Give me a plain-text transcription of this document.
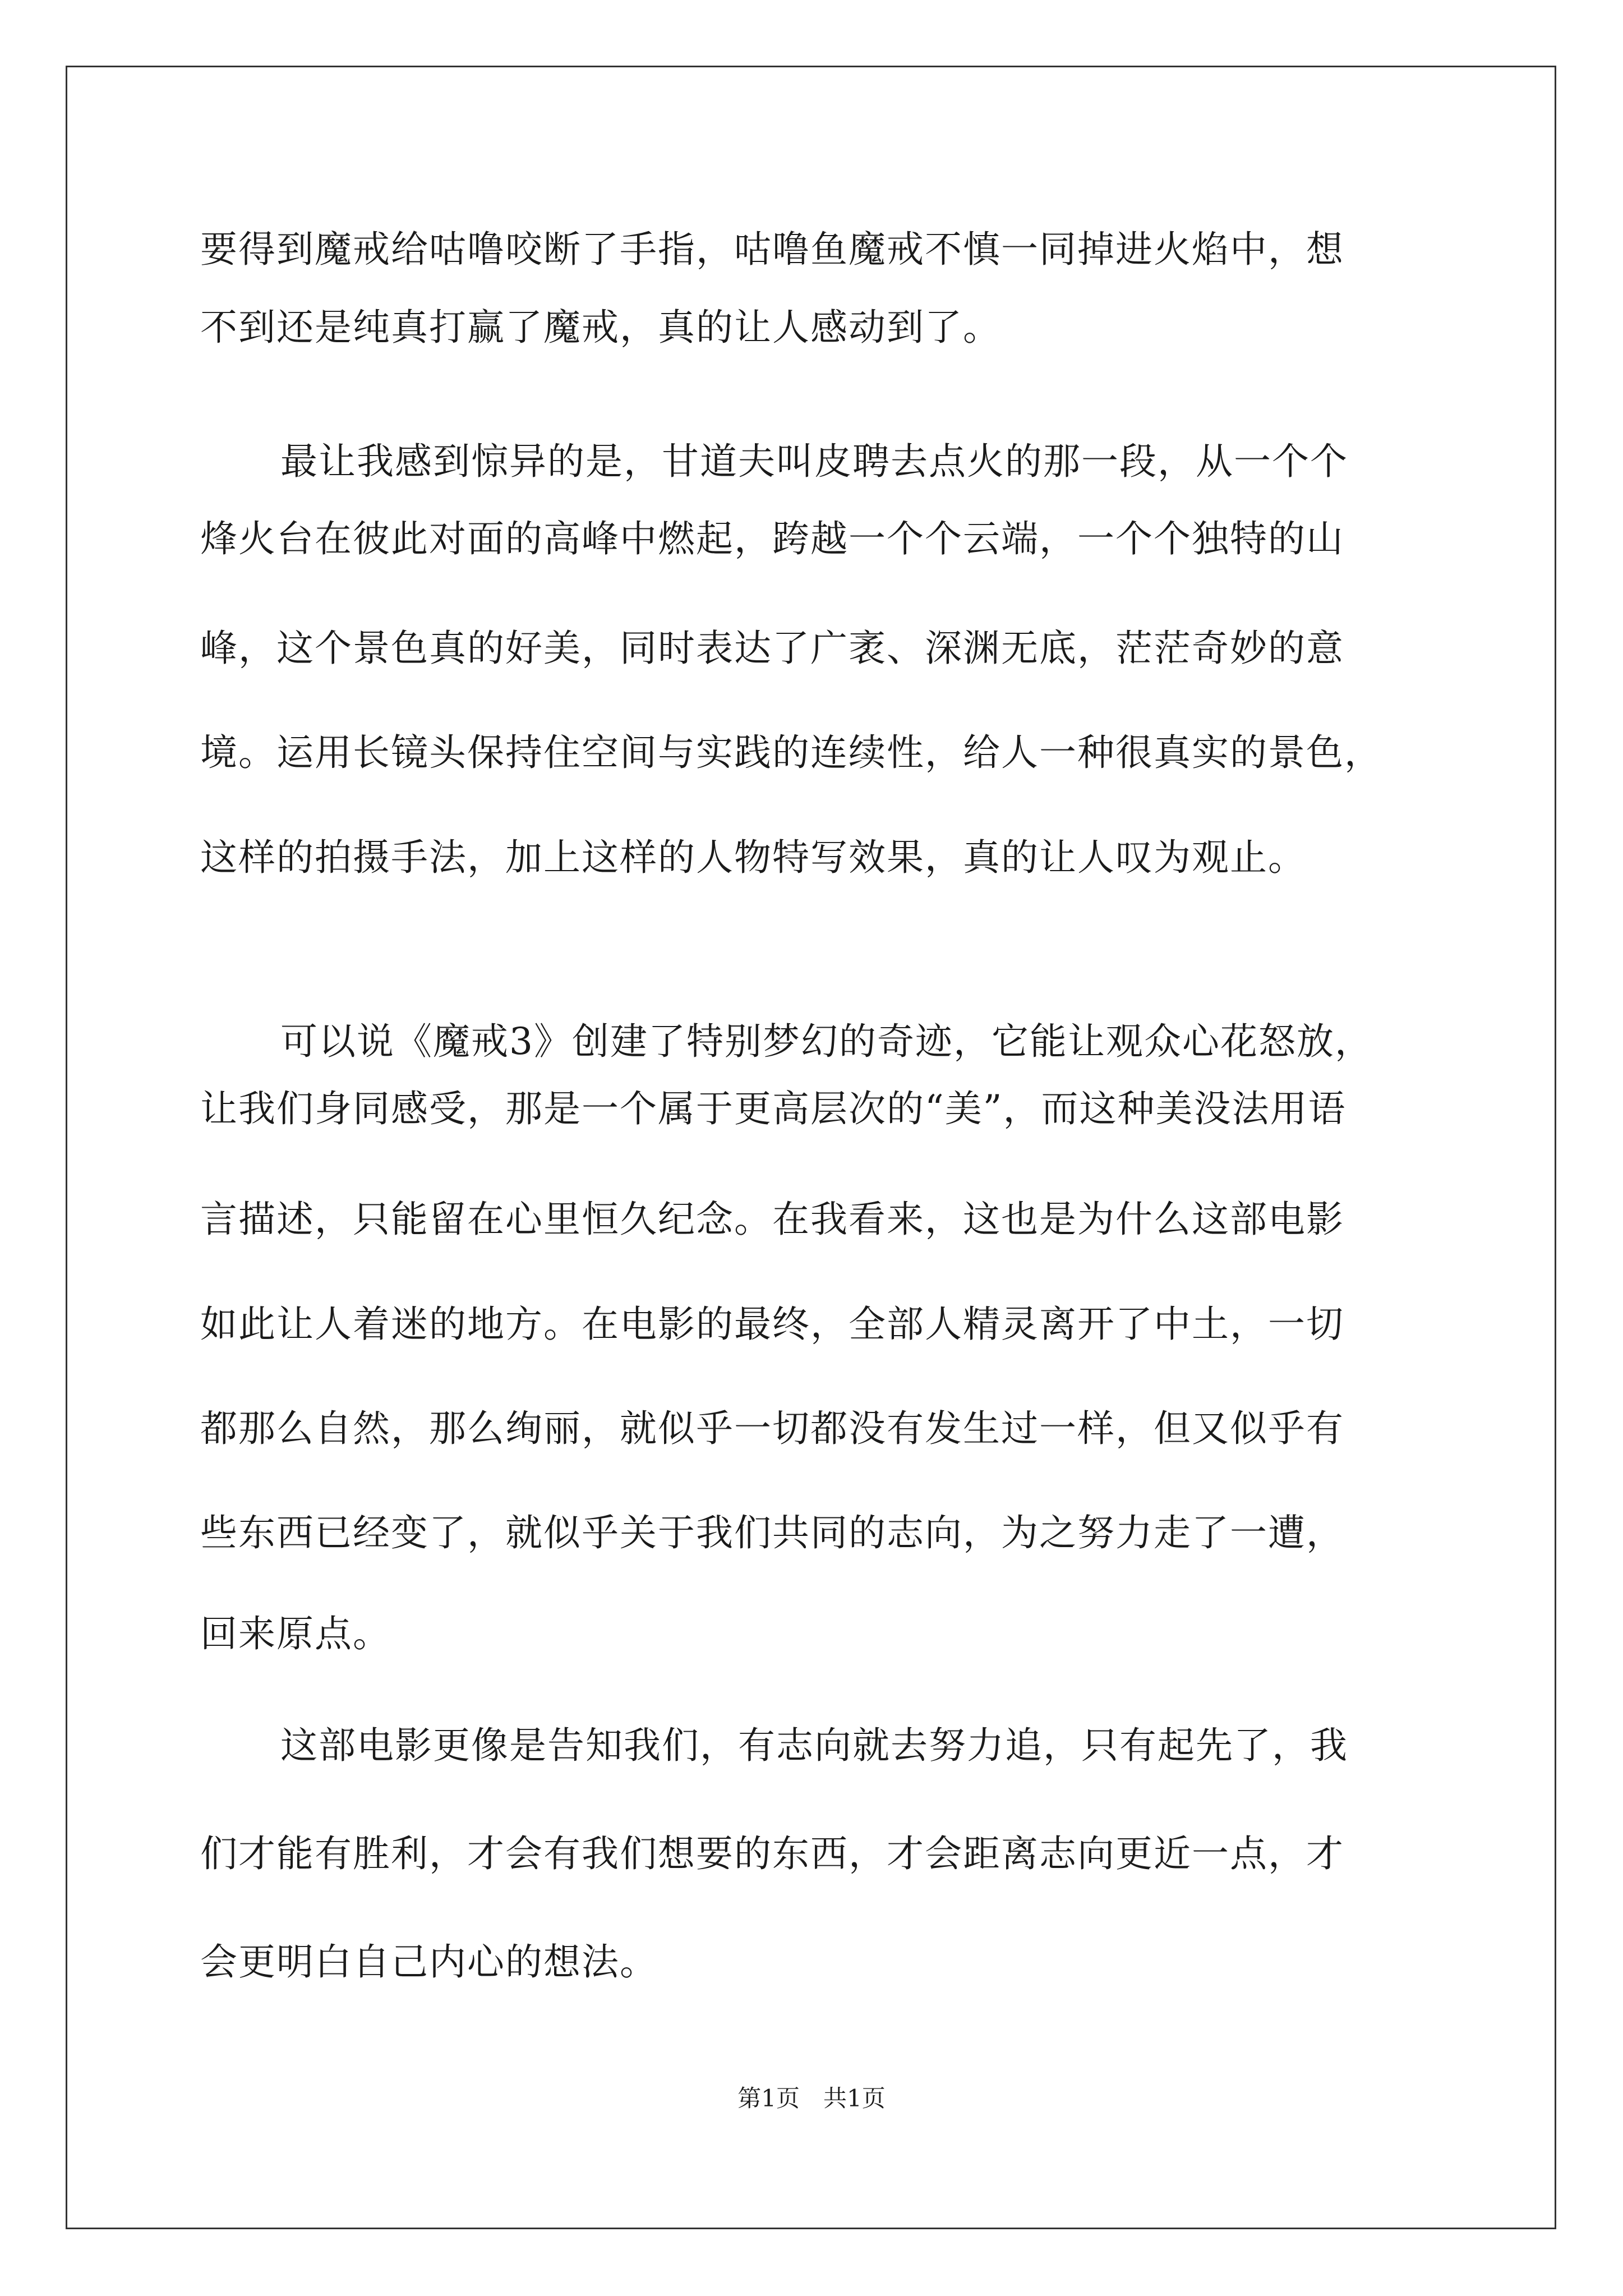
要得到魔戒给咕噜咬断了手指，咕噜鱼魔戒不慎一同掉进火焰中，想
不到还是纯真打赢了魔戒，真的让人感动到了。
最让我感到惊异的是，甘道夫叫皮聘去点火的那一段，从一个个
烽火台在彼此对面的高峰中燃起，跨越一个个云端，一个个独特的山
峰，这个景色真的好美，同时表达了广袤、深渊无底，茫茫奇妙的意
境。运用长镜头保持住空间与实践的连续性，给人一种很真实的景色，
这样的拍摄手法，加上这样的人物特写效果，真的让人叹为观止。
可以说《魔戒3》创建了特别梦幻的奇迹，它能让观众心花怒放，
让我们身同感受，那是一个属于更高层次的“美”，而这种美没法用语
言描述，只能留在心里恒久纪念。在我看来，这也是为什么这部电影
如此让人着迷的地方。在电影的最终，全部人精灵离开了中土，一切
都那么自然，那么绚丽，就似乎一切都没有发生过一样，但又似乎有
些东西已经变了，就似乎关于我们共同的志向，为之努力走了一遭，
回来原点。
这部电影更像是告知我们，有志向就去努力追，只有起先了，我
们才能有胜利，才会有我们想要的东西，才会距离志向更近一点，才
会更明白自己内心的想法。
第1页　共1页
